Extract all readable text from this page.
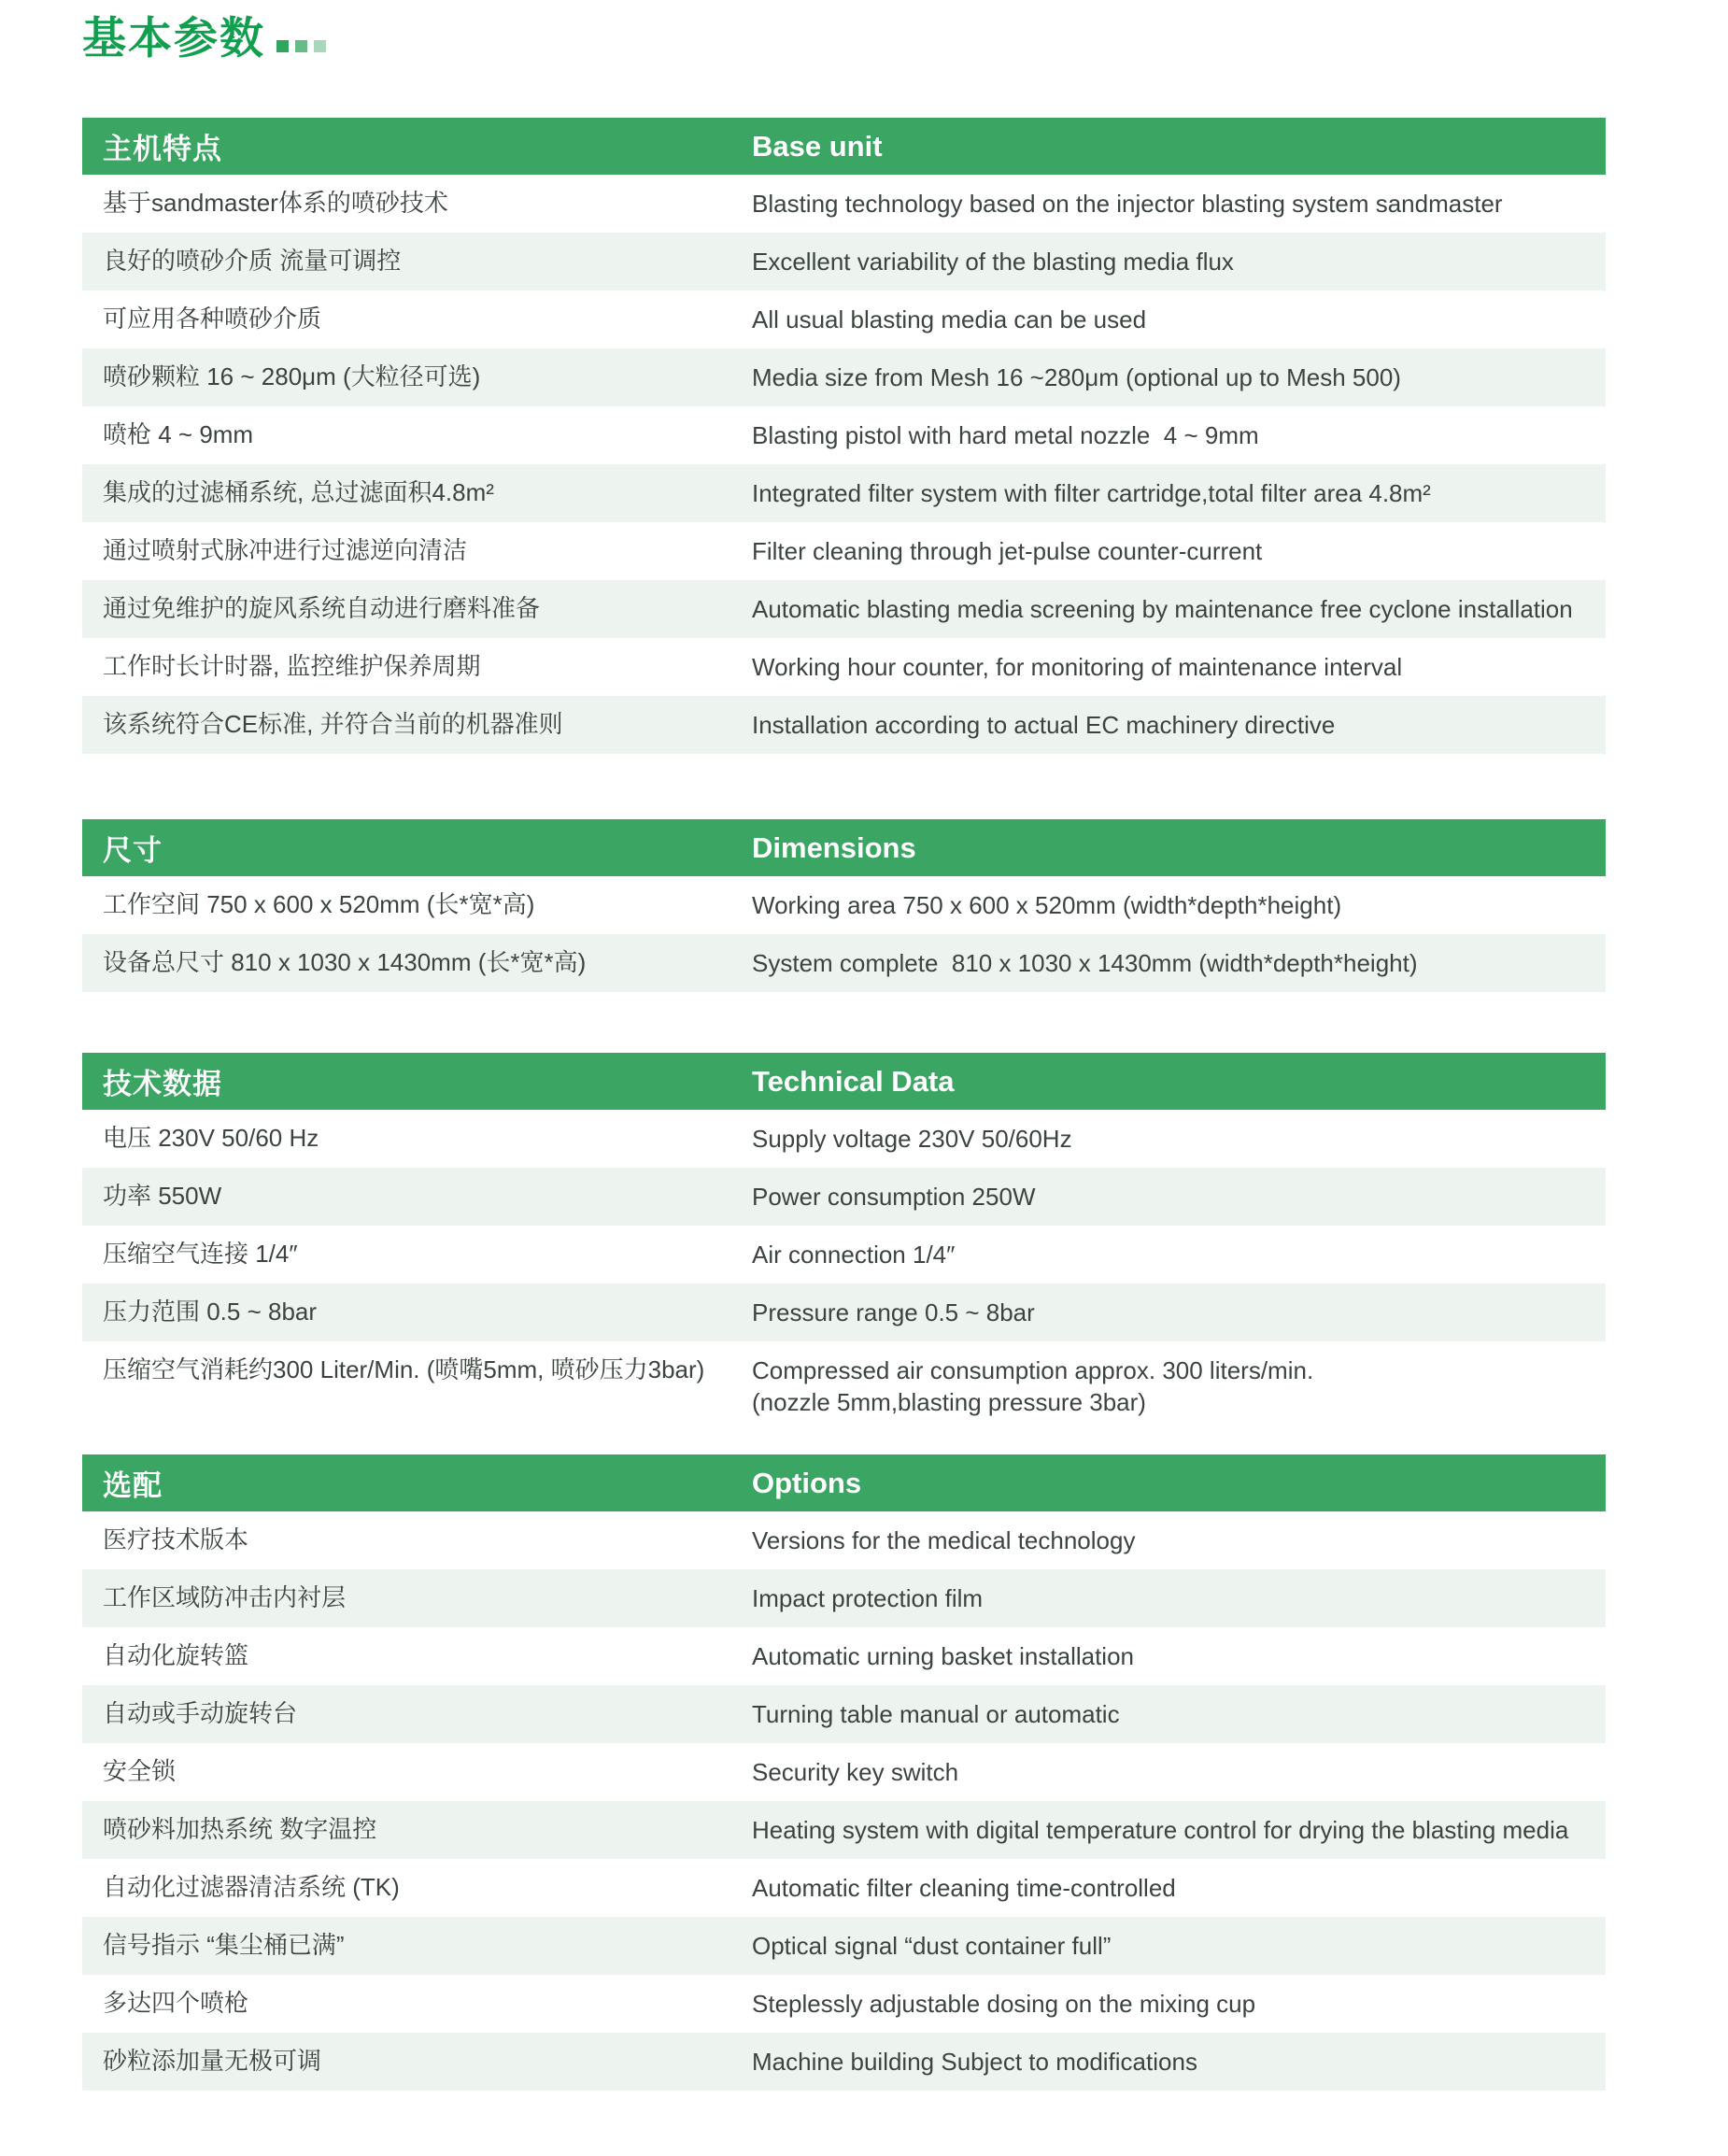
基本参数
主机特点	Base unit
基于sandmaster体系的喷砂技术	Blasting technology based on the injector blasting system sandmaster
良好的喷砂介质 流量可调控	Excellent variability of the blasting media flux
可应用各种喷砂介质	All usual blasting media can be used
喷砂颗粒 16 ~ 280μm (大粒径可选)	Media size from Mesh 16 ~280μm (optional up to Mesh 500)
喷枪 4 ~ 9mm	Blasting pistol with hard metal nozzle  4 ~ 9mm
集成的过滤桶系统, 总过滤面积4.8m²	Integrated filter system with filter cartridge,total filter area 4.8m²
通过喷射式脉冲进行过滤逆向清洁	Filter cleaning through jet-pulse counter-current
通过免维护的旋风系统自动进行磨料准备	Automatic blasting media screening by maintenance free cyclone installation
工作时长计时器, 监控维护保养周期	Working hour counter, for monitoring of maintenance interval
该系统符合CE标准, 并符合当前的机器准则	Installation according to actual EC machinery directive
尺寸	Dimensions
工作空间 750 x 600 x 520mm (长*宽*高)	Working area 750 x 600 x 520mm (width*depth*height)
设备总尺寸 810 x 1030 x 1430mm (长*宽*高)	System complete  810 x 1030 x 1430mm (width*depth*height)
技术数据	Technical Data
电压 230V 50/60 Hz	Supply voltage 230V 50/60Hz
功率 550W	Power consumption 250W
压缩空气连接 1/4″	Air connection 1/4″
压力范围 0.5 ~ 8bar	Pressure range 0.5 ~ 8bar
压缩空气消耗约300 Liter/Min. (喷嘴5mm, 喷砂压力3bar)	Compressed air consumption approx. 300 liters/min.
(nozzle 5mm,blasting pressure 3bar)
选配	Options
医疗技术版本	Versions for the medical technology
工作区域防冲击内衬层	Impact protection film
自动化旋转篮	Automatic urning basket installation
自动或手动旋转台	Turning table manual or automatic
安全锁	Security key switch
喷砂料加热系统 数字温控	Heating system with digital temperature control for drying the blasting media
自动化过滤器清洁系统 (TK)	Automatic filter cleaning time-controlled
信号指示 “集尘桶已满”	Optical signal “dust container full”
多达四个喷枪	Steplessly adjustable dosing on the mixing cup
砂粒添加量无极可调	Machine building Subject to modifications
